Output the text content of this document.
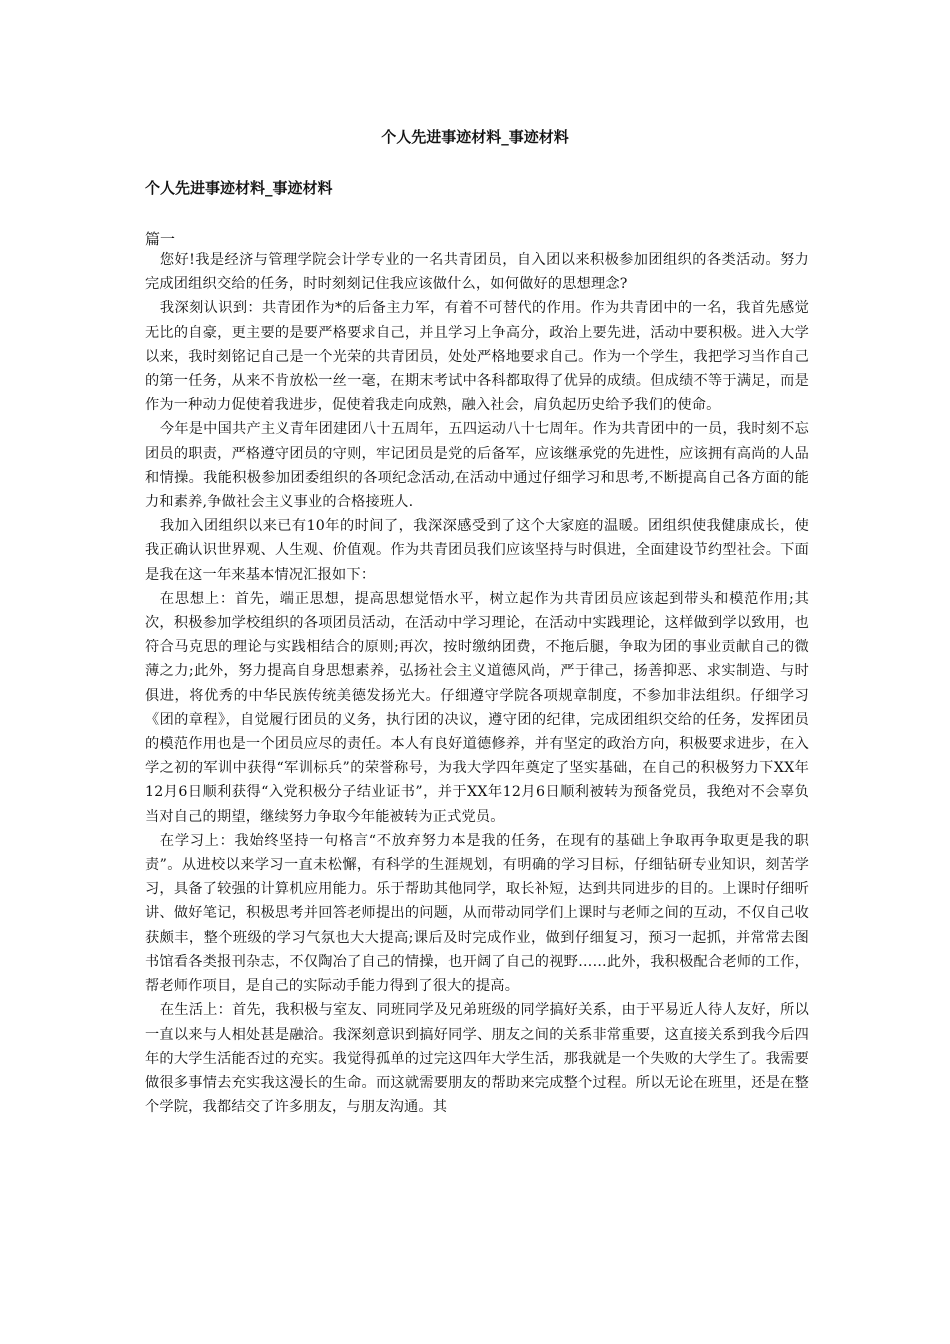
个人先进事迹材料_事迹材料
个人先进事迹材料_事迹材料
篇一

您好!我是经济与管理学院会计学专业的一名共青团员，自入团以来积极参加团组织的各类活动。努力完成团组织交给的任务，时时刻刻记住我应该做什么，如何做好的思想理念?

我深刻认识到：共青团作为*的后备主力军，有着不可替代的作用。作为共青团中的一名，我首先感觉无比的自豪，更主要的是要严格要求自己，并且学习上争高分，政治上要先进，活动中要积极。进入大学以来，我时刻铭记自己是一个光荣的共青团员，处处严格地要求自己。作为一个学生，我把学习当作自己的第一任务，从来不肯放松一丝一毫，在期末考试中各科都取得了优异的成绩。但成绩不等于满足，而是作为一种动力促使着我进步，促使着我走向成熟，融入社会，肩负起历史给予我们的使命。

今年是中国共产主义青年团建团八十五周年，五四运动八十七周年。作为共青团中的一员，我时刻不忘团员的职责，严格遵守团员的守则，牢记团员是党的后备军，应该继承党的先进性，应该拥有高尚的人品和情操。我能积极参加团委组织的各项纪念活动,在活动中通过仔细学习和思考,不断提高自己各方面的能力和素养,争做社会主义事业的合格接班人.

我加入团组织以来已有10年的时间了，我深深感受到了这个大家庭的温暖。团组织使我健康成长，使我正确认识世界观、人生观、价值观。作为共青团员我们应该坚持与时俱进，全面建设节约型社会。下面是我在这一年来基本情况汇报如下：

在思想上：首先，端正思想，提高思想觉悟水平，树立起作为共青团员应该起到带头和模范作用;其次，积极参加学校组织的各项团员活动，在活动中学习理论，在活动中实践理论，这样做到学以致用，也符合马克思的理论与实践相结合的原则;再次，按时缴纳团费，不拖后腿，争取为团的事业贡献自己的微薄之力;此外，努力提高自身思想素养，弘扬社会主义道德风尚，严于律己，扬善抑恶、求实制造、与时俱进，将优秀的中华民族传统美德发扬光大。仔细遵守学院各项规章制度，不参加非法组织。仔细学习《团的章程》，自觉履行团员的义务，执行团的决议，遵守团的纪律，完成团组织交给的任务，发挥团员的模范作用也是一个团员应尽的责任。本人有良好道德修养，并有坚定的政治方向，积极要求进步，在入学之初的军训中获得“军训标兵”的荣誉称号，为我大学四年奠定了坚实基础，在自己的积极努力下XX年12月6日顺利获得“入党积极分子结业证书”，并于XX年12月6日顺利被转为预备党员，我绝对不会辜负当对自己的期望，继续努力争取今年能被转为正式党员。

在学习上：我始终坚持一句格言“不放弃努力本是我的任务，在现有的基础上争取再争取更是我的职责”。从进校以来学习一直未松懈，有科学的生涯规划，有明确的学习目标，仔细钻研专业知识，刻苦学习，具备了较强的计算机应用能力。乐于帮助其他同学，取长补短，达到共同进步的目的。上课时仔细听讲、做好笔记，积极思考并回答老师提出的问题，从而带动同学们上课时与老师之间的互动，不仅自己收获颇丰，整个班级的学习气氛也大大提高;课后及时完成作业，做到仔细复习，预习一起抓，并常常去图书馆看各类报刊杂志，不仅陶冶了自己的情操，也开阔了自己的视野……此外，我积极配合老师的工作，帮老师作项目，是自己的实际动手能力得到了很大的提高。

在生活上：首先，我积极与室友、同班同学及兄弟班级的同学搞好关系，由于平易近人待人友好，所以一直以来与人相处甚是融洽。我深刻意识到搞好同学、朋友之间的关系非常重要，这直接关系到我今后四年的大学生活能否过的充实。我觉得孤单的过完这四年大学生活，那我就是一个失败的大学生了。我需要做很多事情去充实我这漫长的生命。而这就需要朋友的帮助来完成整个过程。所以无论在班里，还是在整个学院，我都结交了许多朋友，与朋友沟通。其
